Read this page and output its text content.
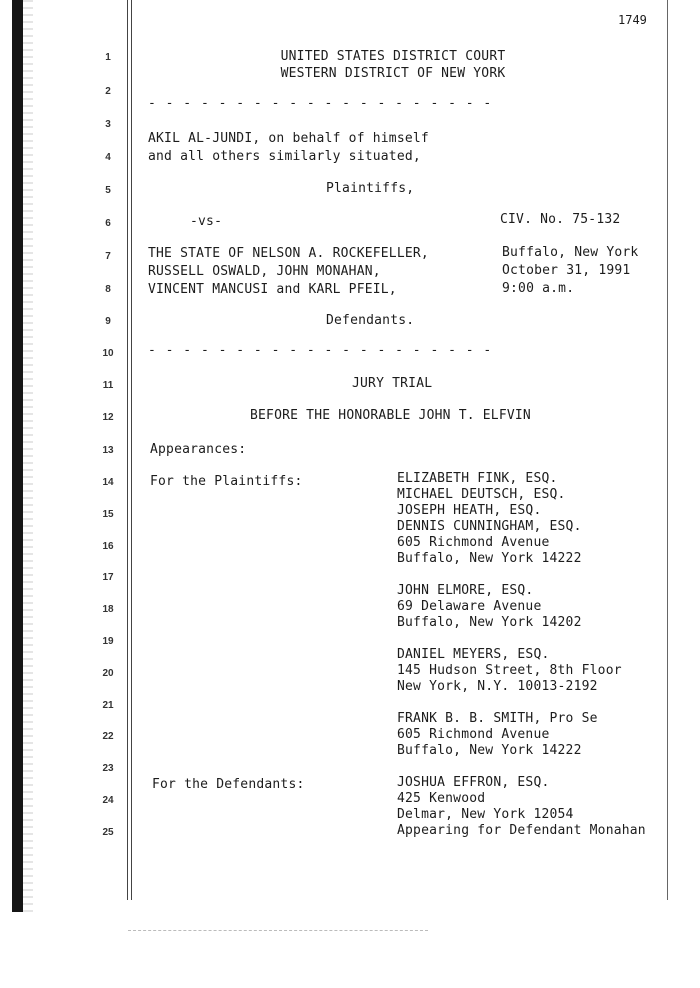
1749
1
2
3
4
5
6
7
8
9
10
11
12
13
14
15
16
17
18
19
20
21
22
23
24
25
UNITED STATES DISTRICT COURT
WESTERN DISTRICT OF NEW YORK
- - - - - - - - - - - - - - - - - - - -
AKIL AL-JUNDI, on behalf of himself
and all others similarly situated,
Plaintiffs,
-vs-	CIV. No. 75-132
THE STATE OF NELSON A. ROCKEFELLER,
RUSSELL OSWALD, JOHN MONAHAN,
VINCENT MANCUSI and KARL PFEIL,
Buffalo, New York
October 31, 1991
9:00 a.m.
Defendants.
- - - - - - - - - - - - - - - - - - - -
JURY TRIAL
BEFORE THE HONORABLE JOHN T. ELFVIN
Appearances:
For the Plaintiffs:	ELIZABETH FINK, ESQ.
MICHAEL DEUTSCH, ESQ.
JOSEPH HEATH, ESQ.
DENNIS CUNNINGHAM, ESQ.
605 Richmond Avenue
Buffalo, New York 14222
JOHN ELMORE, ESQ.
69 Delaware Avenue
Buffalo, New York 14202
DANIEL MEYERS, ESQ.
145 Hudson Street, 8th Floor
New York, N.Y. 10013-2192
FRANK B. B. SMITH, Pro Se
605 Richmond Avenue
Buffalo, New York 14222
For the Defendants:	JOSHUA EFFRON, ESQ.
425 Kenwood
Delmar, New York 12054
Appearing for Defendant Monahan
